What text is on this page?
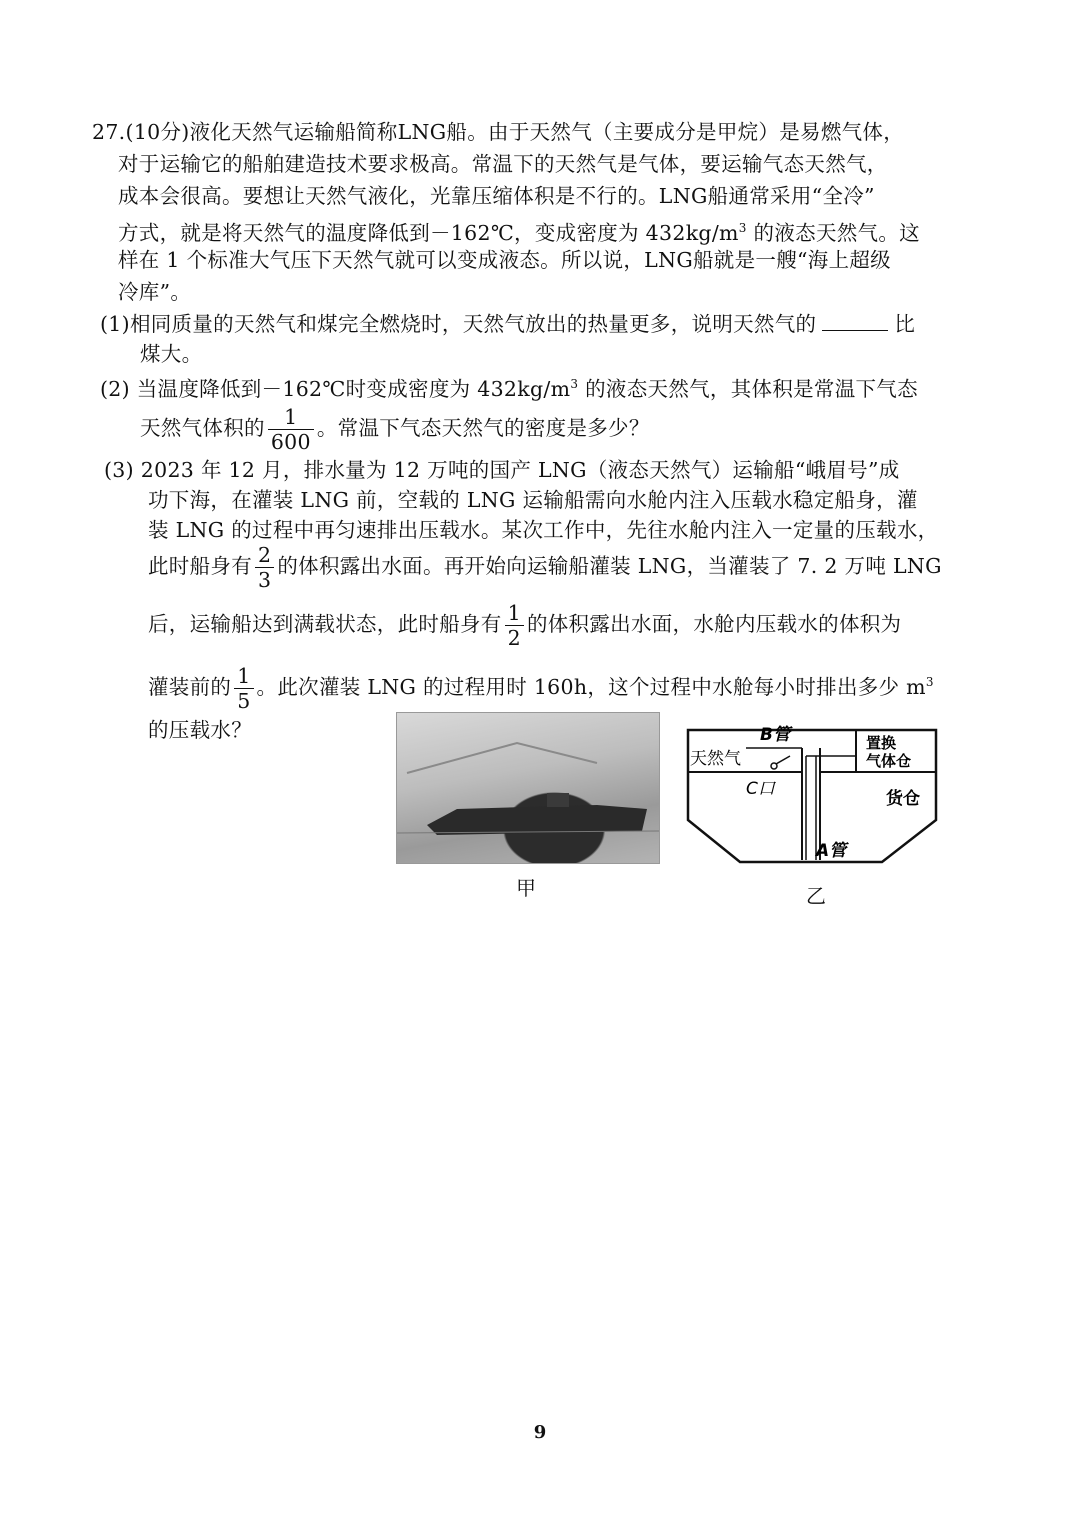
27.(10分)液化天然气运输船简称LNG船。由于天然气（主要成分是甲烷）是易燃气体，
对于运输它的船舶建造技术要求极高。常温下的天然气是气体，要运输气态天然气，
成本会很高。要想让天然气液化，光靠压缩体积是不行的。LNG船通常采用“全冷”
方式，就是将天然气的温度降低到－162℃，变成密度为 $432kg/m^3$ 的液态天然气。这
样在 1 个标准大气压下天然气就可以变成液态。所以说，LNG船就是一艘“海上超级
冷库”。
(1)相同质量的天然气和煤完全燃烧时，天然气放出的热量更多，说明天然气的	比
煤大。
(2) 当温度降低到－162℃时变成密度为 $432kg/m^3$ 的液态天然气，其体积是常温下气态
天然气体积的 $\frac{1}{600}$ 。常温下气态天然气的密度是多少？
(3) 2023 年 12 月，排水量为 12 万吨的国产 LNG（液态天然气）运输船“峨眉号”成
功下海，在灌装 LNG 前，空载的 LNG 运输船需向水舱内注入压载水稳定船身，灌
装 LNG 的过程中再匀速排出压载水。某次工作中，先往水舱内注入一定量的压载水，
此时船身有 $\frac{2}{3}$ 的体积露出水面。再开始向运输船灌装 LNG，当灌装了 7. 2 万吨 LNG
后，运输船达到满载状态，此时船身有 $\frac{1}{2}$ 的体积露出水面，水舱内压载水的体积为
灌装前的 $\frac{1}{5}$ 。此次灌装 LNG 的过程用时 160h，这个过程中水舱每小时排出多少 $m^3$
的压载水？
甲
天然气
B管
C口
置换
气体仓
货仓
A管
乙
9
